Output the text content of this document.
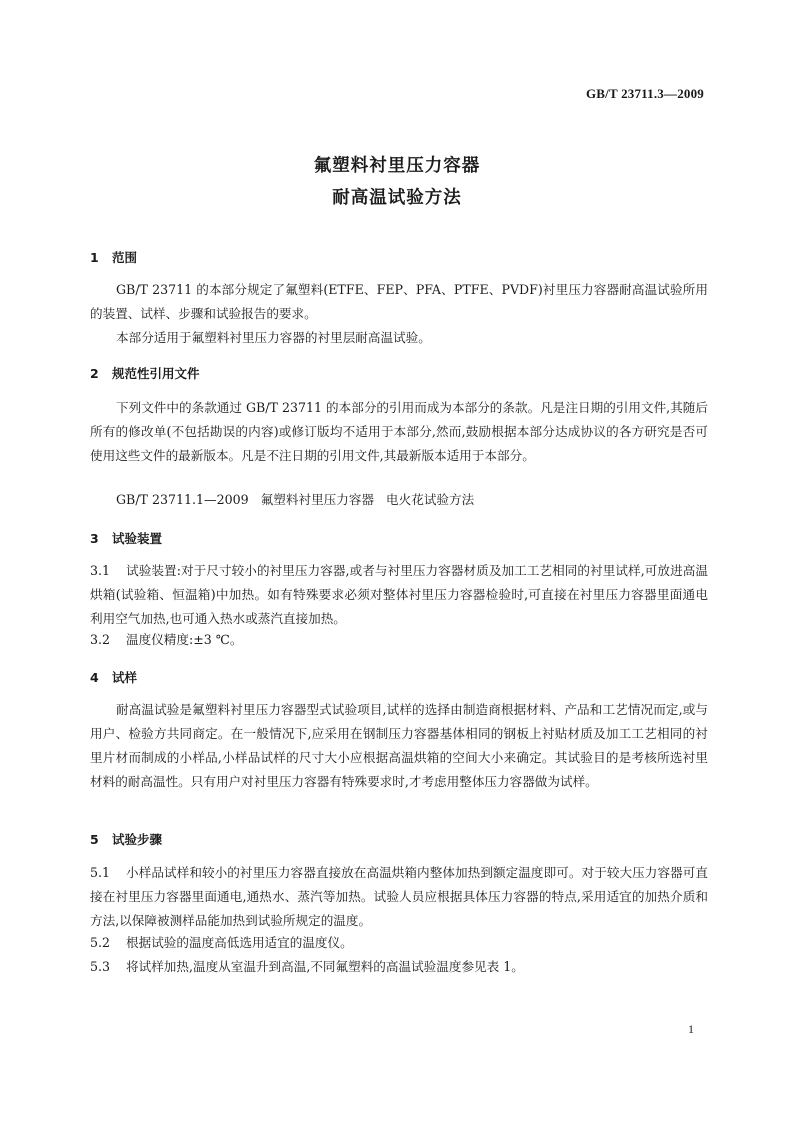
GB/T 23711.3—2009
氟塑料衬里压力容器
耐高温试验方法
1 范围
GB/T 23711 的本部分规定了氟塑料(ETFE、FEP、PFA、PTFE、PVDF)衬里压力容器耐高温试验所用的装置、试样、步骤和试验报告的要求。
本部分适用于氟塑料衬里压力容器的衬里层耐高温试验。
2 规范性引用文件
下列文件中的条款通过 GB/T 23711 的本部分的引用而成为本部分的条款。凡是注日期的引用文件,其随后所有的修改单(不包括勘误的内容)或修订版均不适用于本部分,然而,鼓励根据本部分达成协议的各方研究是否可使用这些文件的最新版本。凡是不注日期的引用文件,其最新版本适用于本部分。
GB/T 23711.1—2009   氟塑料衬里压力容器   电火花试验方法
3 试验装置
3.1 试验装置:对于尺寸较小的衬里压力容器,或者与衬里压力容器材质及加工工艺相同的衬里试样,可放进高温烘箱(试验箱、恒温箱)中加热。如有特殊要求必须对整体衬里压力容器检验时,可直接在衬里压力容器里面通电利用空气加热,也可通入热水或蒸汽直接加热。
3.2 温度仪精度:±3 ℃。
4 试样
耐高温试验是氟塑料衬里压力容器型式试验项目,试样的选择由制造商根据材料、产品和工艺情况而定,或与用户、检验方共同商定。在一般情况下,应采用在钢制压力容器基体相同的钢板上衬贴材质及加工工艺相同的衬里片材而制成的小样品,小样品试样的尺寸大小应根据高温烘箱的空间大小来确定。其试验目的是考核所选衬里材料的耐高温性。只有用户对衬里压力容器有特殊要求时,才考虑用整体压力容器做为试样。
5 试验步骤
5.1 小样品试样和较小的衬里压力容器直接放在高温烘箱内整体加热到额定温度即可。对于较大压力容器可直接在衬里压力容器里面通电,通热水、蒸汽等加热。试验人员应根据具体压力容器的特点,采用适宜的加热介质和方法,以保障被测样品能加热到试验所规定的温度。
5.2 根据试验的温度高低选用适宜的温度仪。
5.3 将试样加热,温度从室温升到高温,不同氟塑料的高温试验温度参见表 1。
1
